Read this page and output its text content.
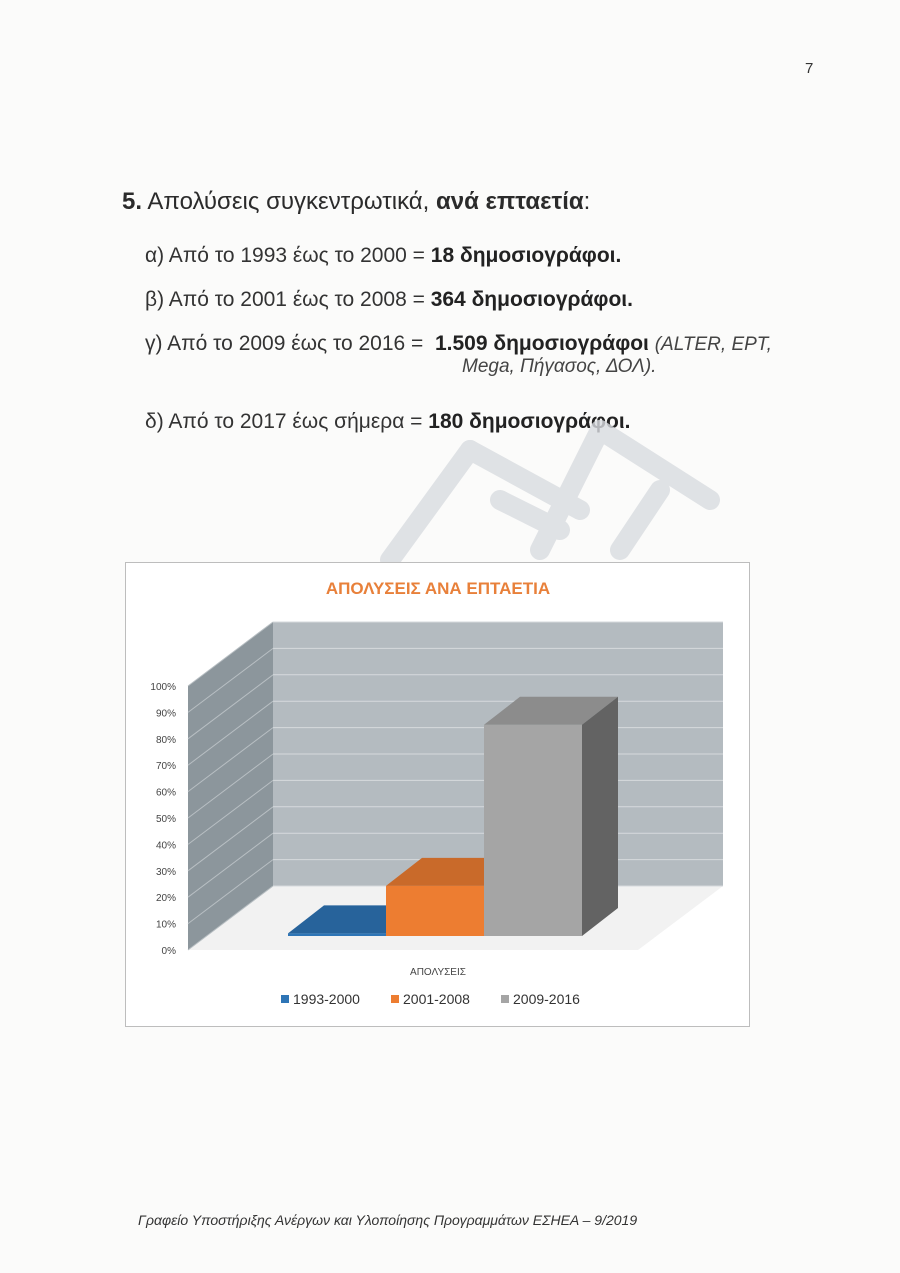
7
5. Απολύσεις συγκεντρωτικά, ανά επταετία:
α) Από το 1993 έως το 2000 = 18 δημοσιογράφοι.
β) Από το 2001 έως το 2008 = 364 δημοσιογράφοι.
γ) Από το 2009 έως το 2016 =  1.509 δημοσιογράφοι (ALTER, EPT,
Mega, Πήγασος, ΔΟΛ).
δ) Από το 2017 έως σήμερα = 180 δημοσιογράφοι.
ΑΠΟΛΥΣΕΙΣ ΑΝΑ ΕΠΤΑΕΤΙΑ
0%
10%
20%
30%
40%
50%
60%
70%
80%
90%
100%
ΑΠΟΛΥΣΕΙΣ
1993-2000	2001-2008	2009-2016
Γραφείο Υποστήριξης Ανέργων και Υλοποίησης Προγραμμάτων ΕΣΗΕΑ – 9/2019
